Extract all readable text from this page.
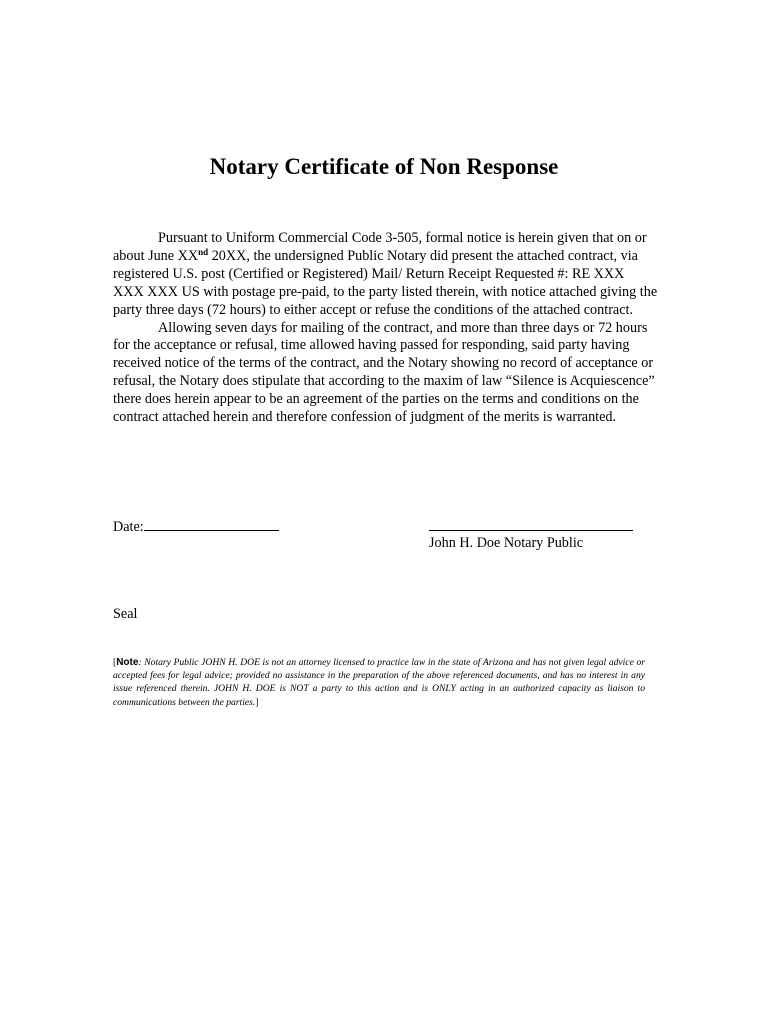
Notary Certificate of Non Response

Pursuant to Uniform Commercial Code 3-505, formal notice is herein given that on or about June XXnd 20XX, the undersigned Public Notary did present the attached contract, via registered U.S. post (Certified or Registered) Mail/ Return Receipt Requested #: RE XXX XXX XXX US with postage pre-paid, to the party listed therein, with notice attached giving the party three days (72 hours) to either accept or refuse the conditions of the attached contract.

Allowing seven days for mailing of the contract, and more than three days or 72 hours for the acceptance or refusal, time allowed having passed for responding, said party having received notice of the terms of the contract, and the Notary showing no record of acceptance or refusal, the Notary does stipulate that according to the maxim of law “Silence is Acquiescence” there does herein appear to be an agreement of the parties on the terms and conditions on the contract attached herein and therefore confession of judgment of the merits is warranted.

Date:
John H. Doe Notary Public
Seal
[Note: Notary Public JOHN H. DOE is not an attorney licensed to practice law in the state of Arizona and has not given legal advice or accepted fees for legal advice; provided no assistance in the preparation of the above referenced documents, and has no interest in any issue referenced therein. JOHN H. DOE is NOT a party to this action and is ONLY acting in an authorized capacity as liaison to communications between the parties.]
